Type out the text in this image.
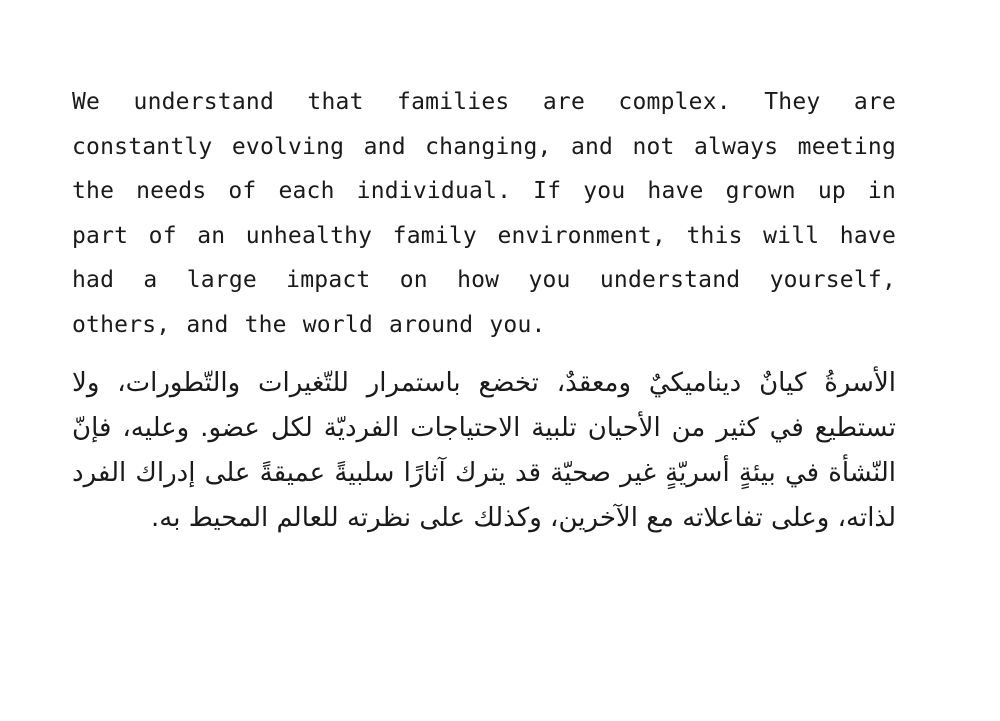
We understand that families are complex. They are constantly evolving and changing, and not always meeting the needs of each individual. If you have grown up in part of an unhealthy family environment, this will have had a large impact on how you understand yourself, others, and the world around you.

الأسرةُ كيانٌ ديناميكيٌ ومعقدٌ، تخضع باستمرار للتّغيرات والتّطورات، ولا تستطيع في كثير من الأحيان تلبية الاحتياجات الفرديّة لكل عضو. وعليه، فإنّ النّشأة في بيئةٍ أسريّةٍ غير صحيّة قد يترك آثارًا سلبيةً عميقةً على إدراك الفرد لذاته، وعلى تفاعلاته مع الآخرين، وكذلك على نظرته للعالم المحيط به.
